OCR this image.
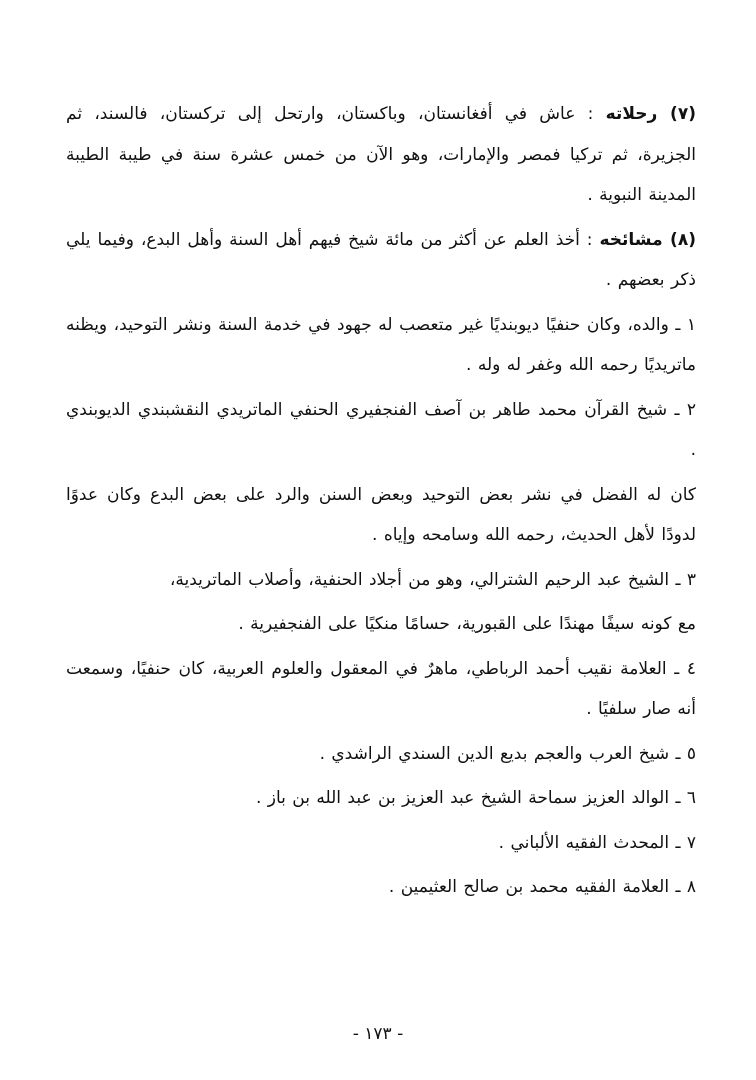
(٧) رحلاته : عاش في أفغانستان، وباكستان، وارتحل إلى تركستان، فالسند، ثم الجزيرة، ثم تركيا فمصر والإمارات، وهو الآن من خمس عشرة سنة في طيبة الطيبة المدينة النبوية .

(٨) مشائخه : أخذ العلم عن أكثر من مائة شيخ فيهم أهل السنة وأهل البدع، وفيما يلي ذكر بعضهم .

١ ـ والده، وكان حنفيًا ديوبنديًا غير متعصب له جهود في خدمة السنة ونشر التوحيد، ويظنه ماتريديًا رحمه الله وغفر له وله .

٢ ـ شيخ القرآن محمد طاهر بن آصف الفنجفيري الحنفي الماتريدي النقشبندي الديوبندي .

كان له الفضل في نشر بعض التوحيد وبعض السنن والرد على بعض البدع وكان عدوًا لدودًا لأهل الحديث، رحمه الله وسامحه وإياه .

٣ ـ الشيخ عبد الرحيم الشترالي، وهو من أجلاد الحنفية، وأصلاب الماتريدية،

مع كونه سيفًا مهندًا على القبورية، حسامًا منكيًا على الفنجفيرية .

٤ ـ العلامة نقيب أحمد الرباطي، ماهرٌ في المعقول والعلوم العربية، كان حنفيًا، وسمعت أنه صار سلفيًا .

٥ ـ شيخ العرب والعجم بديع الدين السندي الراشدي .

٦ ـ الوالد العزيز سماحة الشيخ عبد العزيز بن عبد الله بن باز .

٧ ـ المحدث الفقيه الألباني .

٨ ـ العلامة الفقيه محمد بن صالح العثيمين .

- ١٧٣ -
